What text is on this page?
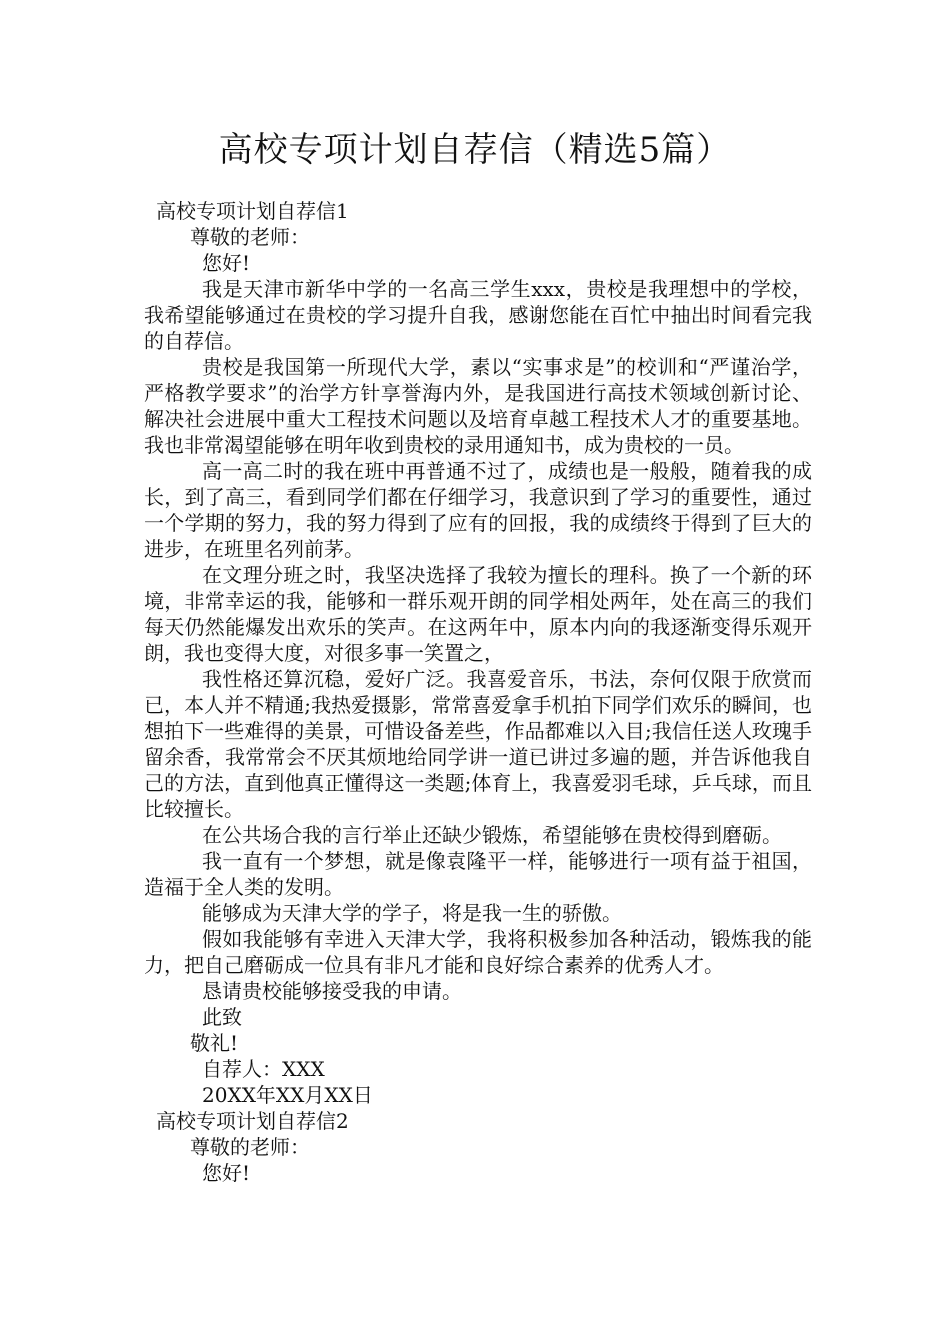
高校专项计划自荐信（精选5篇）

高校专项计划自荐信1

尊敬的老师：

您好!

我是天津市新华中学的一名高三学生xxx，贵校是我理想中的学校，我希望能够通过在贵校的学习提升自我，感谢您能在百忙中抽出时间看完我的自荐信。

贵校是我国第一所现代大学，素以“实事求是”的校训和“严谨治学，严格教学要求”的治学方针享誉海内外，是我国进行高技术领域创新讨论、解决社会进展中重大工程技术问题以及培育卓越工程技术人才的重要基地。我也非常渴望能够在明年收到贵校的录用通知书，成为贵校的一员。

高一高二时的我在班中再普通不过了，成绩也是一般般，随着我的成长，到了高三，看到同学们都在仔细学习，我意识到了学习的重要性，通过一个学期的努力，我的努力得到了应有的回报，我的成绩终于得到了巨大的进步，在班里名列前茅。

在文理分班之时，我坚决选择了我较为擅长的理科。换了一个新的环境，非常幸运的我，能够和一群乐观开朗的同学相处两年，处在高三的我们每天仍然能爆发出欢乐的笑声。在这两年中，原本内向的我逐渐变得乐观开朗，我也变得大度，对很多事一笑置之，

我性格还算沉稳，爱好广泛。我喜爱音乐，书法，奈何仅限于欣赏而已，本人并不精通;我热爱摄影，常常喜爱拿手机拍下同学们欢乐的瞬间，也想拍下一些难得的美景，可惜设备差些，作品都难以入目;我信任送人玫瑰手留余香，我常常会不厌其烦地给同学讲一道已讲过多遍的题，并告诉他我自己的方法，直到他真正懂得这一类题;体育上，我喜爱羽毛球，乒乓球，而且比较擅长。

在公共场合我的言行举止还缺少锻炼，希望能够在贵校得到磨砺。

我一直有一个梦想，就是像袁隆平一样，能够进行一项有益于祖国，造福于全人类的发明。

能够成为天津大学的学子，将是我一生的骄傲。

假如我能够有幸进入天津大学，我将积极参加各种活动，锻炼我的能力，把自己磨砺成一位具有非凡才能和良好综合素养的优秀人才。

恳请贵校能够接受我的申请。

此致

敬礼!

自荐人：XXX

20XX年XX月XX日

高校专项计划自荐信2

尊敬的老师：

您好!
